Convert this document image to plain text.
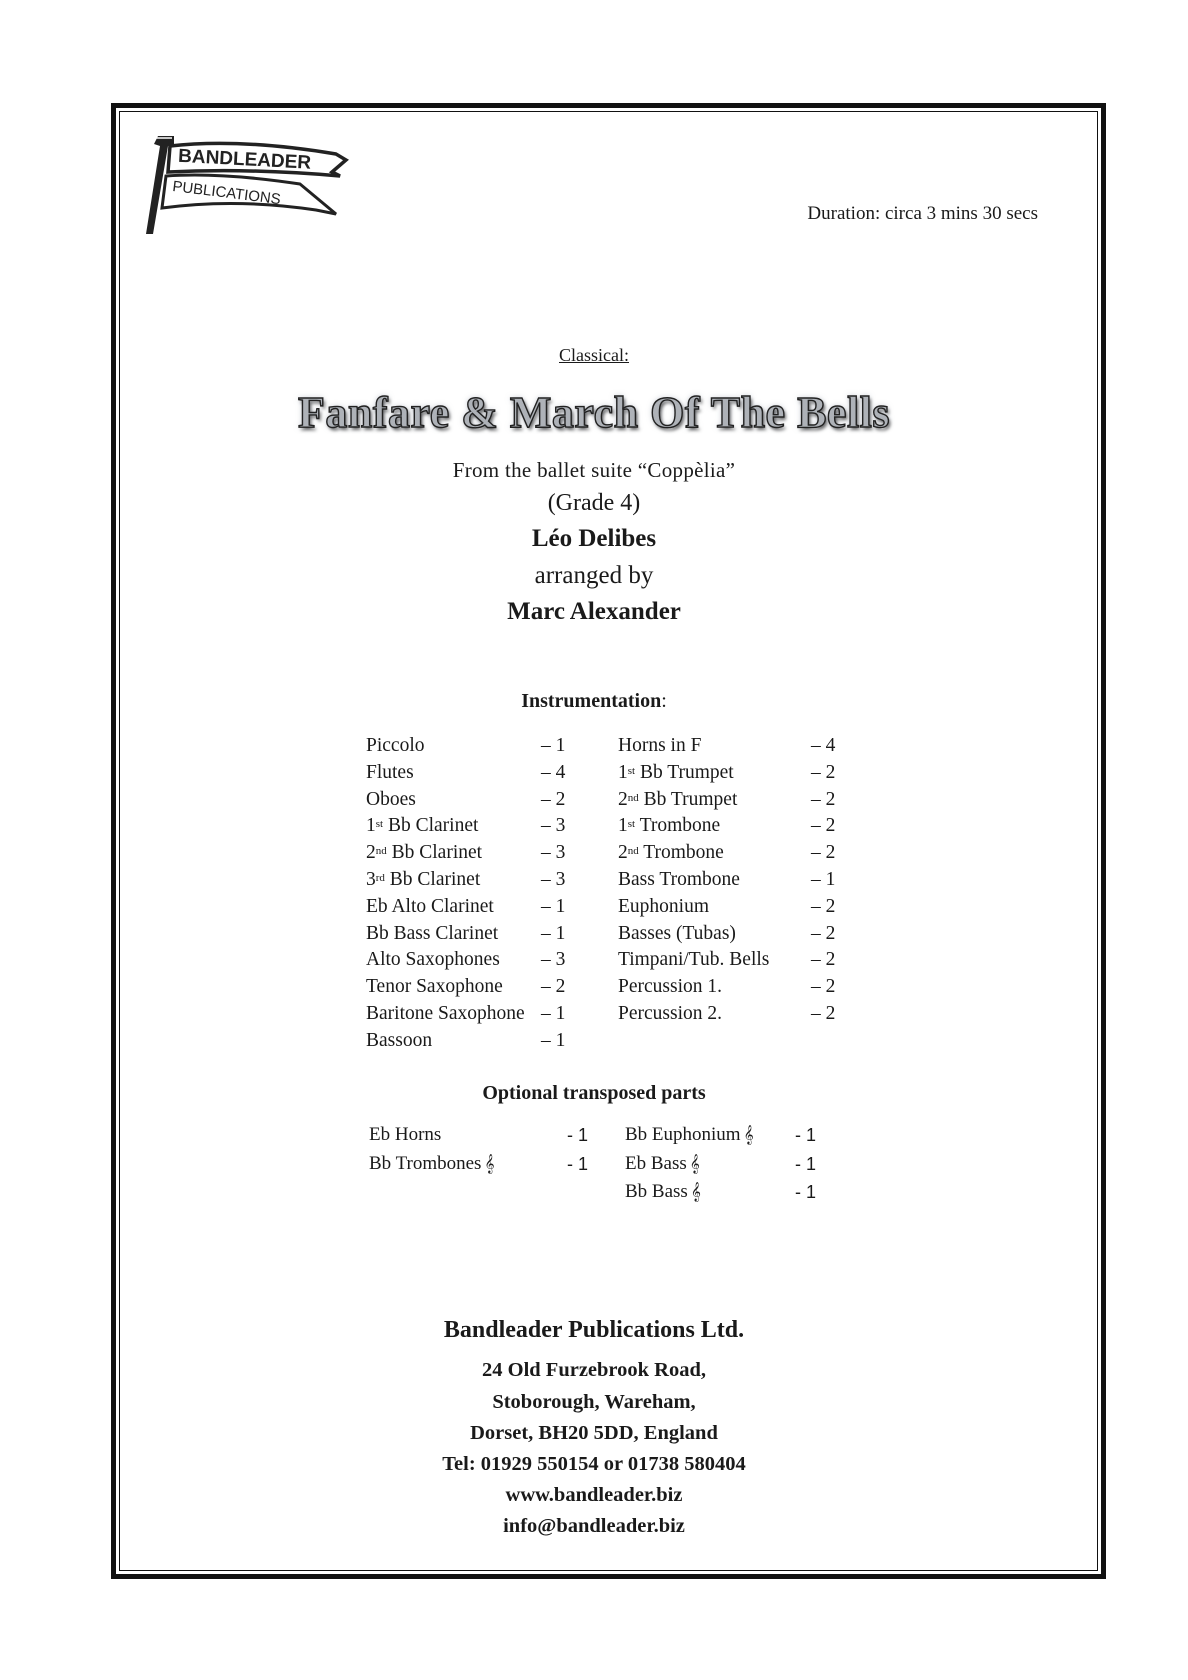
BANDLEADER
PUBLICATIONS
Duration: circa 3 mins 30 secs
Classical:
Fanfare & March Of The Bells
From the ballet suite “Coppèlia”
(Grade 4)
Léo Delibes
arranged by
Marc Alexander
Instrumentation:
Piccolo	– 1
Flutes	– 4
Oboes	– 2
1st Bb Clarinet	– 3
2nd Bb Clarinet	– 3
3rd Bb Clarinet	– 3
Eb Alto Clarinet – 1
Bb Bass Clarinet – 1
Alto Saxophones – 3
Tenor Saxophone – 2
Baritone Saxophone – 1
Bassoon	– 1
Horns in F	– 4
1st Bb Trumpet	– 2
2nd Bb Trumpet	– 2
1st Trombone	– 2
2nd Trombone	– 2
Bass Trombone	– 1
Euphonium	– 2
Basses (Tubas)	– 2
Timpani/Tub. Bells – 2
Percussion 1.	– 2
Percussion 2.	– 2
Optional transposed parts
Eb Horns	- 1
Bb Trombones 𝄞	- 1
Bb Euphonium 𝄞 - 1
Eb Bass 𝄞	- 1
Bb Bass 𝄞	- 1
Bandleader Publications Ltd.
24 Old Furzebrook Road,
Stoborough, Wareham,
Dorset, BH20 5DD, England
Tel: 01929 550154 or 01738 580404
www.bandleader.biz
info@bandleader.biz
